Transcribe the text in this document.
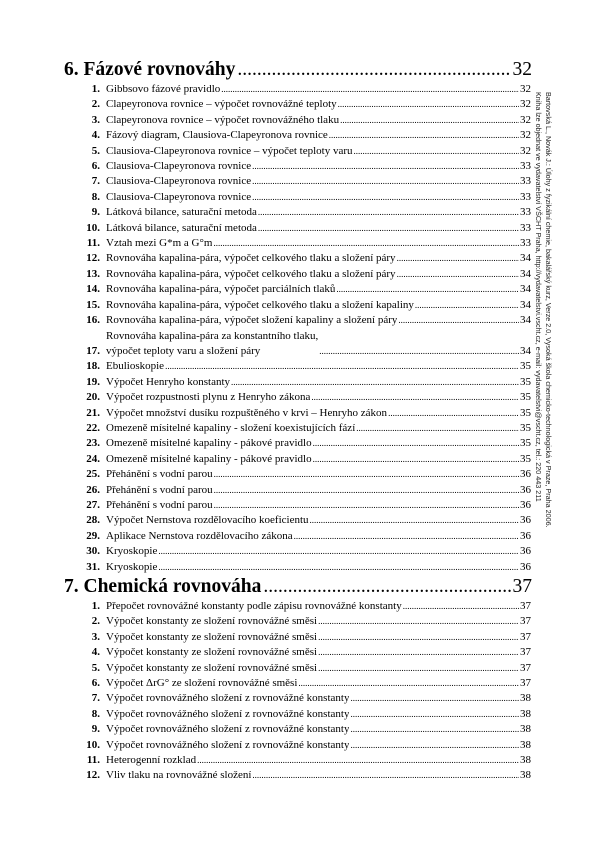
6. Fázové rovnováhy .....	32
1. Gibbsovo fázové pravidlo .....	32
2. Clapeyronova rovnice – výpočet rovnovážné teploty .....	32
3. Clapeyronova rovnice – výpočet rovnovážného tlaku .....	32
4. Fázový diagram, Clausiova-Clapeyronova rovnice .....	32
5. Clausiova-Clapeyronova rovnice – výpočet teploty varu .....	32
6. Clausiova-Clapeyronova rovnice .....	33
7. Clausiova-Clapeyronova rovnice .....	33
8. Clausiova-Clapeyronova rovnice .....	33
9. Látková bilance, saturační metoda .....	33
10. Látková bilance, saturační metoda .....	33
11. Vztah mezi G*m a G°m .....	33
12. Rovnováha kapalina-pára, výpočet celkového tlaku a složení páry .....	34
13. Rovnováha kapalina-pára, výpočet celkového tlaku a složení páry .....	34
14. Rovnováha kapalina-pára, výpočet parciálních tlaků .....	34
15. Rovnováha kapalina-pára, výpočet celkového tlaku a složení kapaliny .....	34
16. Rovnováha kapalina-pára, výpočet složení kapaliny a složení páry .....	34
17.
Rovnováha kapalina-pára za konstantního tlaku,
výpočet teploty varu a složení páry .....	34
18. Ebulioskopie .....	35
19. Výpočet Henryho konstanty .....	35
20. Výpočet rozpustnosti plynu z Henryho zákona .....	35
21. Výpočet množství dusíku rozpuštěného v krvi – Henryho zákon .....	35
22. Omezeně mísitelné kapaliny - složení koexistujících fází .....	35
23. Omezeně mísitelné kapaliny - pákové pravidlo .....	35
24. Omezeně mísitelné kapaliny - pákové pravidlo .....	35
25. Přehánění s vodní parou .....	36
26. Přehánění s vodní parou .....	36
27. Přehánění s vodní parou .....	36
28. Výpočet Nernstova rozdělovacího koeficientu .....	36
29. Aplikace Nernstova rozdělovacího zákona .....	36
30. Kryoskopie .....	36
31. Kryoskopie .....	36
7. Chemická rovnováha .....	37
1. Přepočet rovnovážné konstanty podle zápisu rovnovážné konstanty .....	37
2. Výpočet konstanty ze složení rovnovážné směsi .....	37
3. Výpočet konstanty ze složení rovnovážné směsi .....	37
4. Výpočet konstanty ze složení rovnovážné směsi .....	37
5. Výpočet konstanty ze složení rovnovážné směsi .....	37
6. Výpočet ΔrG° ze složení rovnovážné směsi .....	37
7. Výpočet rovnovážného složení z rovnovážné konstanty .....	38
8. Výpočet rovnovážného složení z rovnovážné konstanty .....	38
9. Výpočet rovnovážného složení z rovnovážné konstanty .....	38
10. Výpočet rovnovážného složení z rovnovážné konstanty .....	38
11. Heterogenní rozklad .....	38
12. Vliv tlaku na rovnovážné složení .....	38
Bartovská L., Novák J.: Úlohy z fyzikální chemie, bakalářský kurz, Verze 2.0, Vysoká škola chemicko-technologická v Praze, Praha 2006.
Kniha lze objednat ve vydavatelství VŠCHT Praha, http://vydavatelstvi.vscht.cz, e-mail: vydavatelstvi@vscht.cz, tel.: 220 443 211
